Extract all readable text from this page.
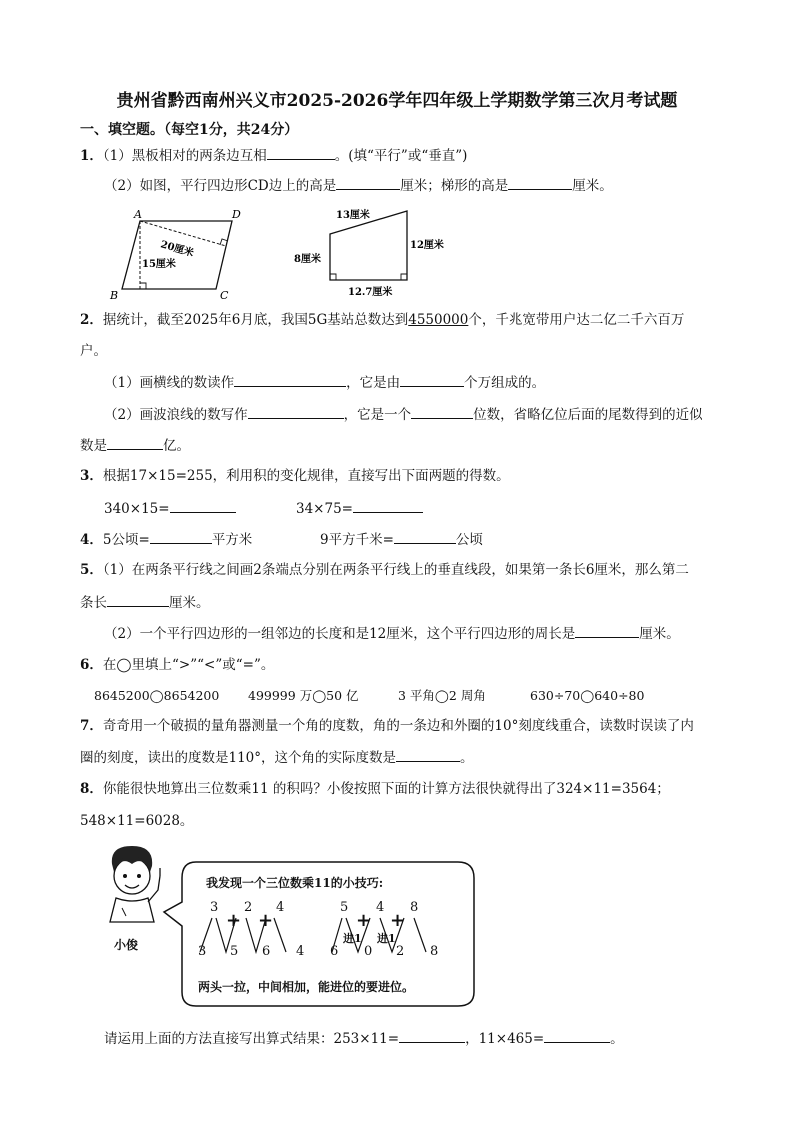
贵州省黔西南州兴义市2025-2026学年四年级上学期数学第三次月考试题
一、填空题。（每空1分，共24分）
1．（1）黑板相对的两条边互相	。(填“平行”或“垂直”)
（2）如图，平行四边形CD边上的高是	厘米；梯形的高是	厘米。
A	D
B	C
20厘米
15厘米
13厘米
12厘米
8厘米
12.7厘米
2．据统计，截至2025年6月底，我国5G基站总数达到4550000个，千兆宽带用户达二亿二千六百万
户。
（1）画横线的数读作	，它是由	个万组成的。
（2）画波浪线的数写作	，它是一个	位数，省略亿位后面的尾数得到的近似
数是	亿。
3．根据17×15=255，利用积的变化规律，直接写出下面两题的得数。
340×15=	34×75=
4．5公顷=	平方米	9平方千米=	公顷
5．（1）在两条平行线之间画2条端点分别在两条平行线上的垂直线段，如果第一条长6厘米，那么第二
条长	厘米。
（2）一个平行四边形的一组邻边的长度和是12厘米，这个平行四边形的周长是	厘米。
6．在◯里填上“>”“<”或“=”。
8645200◯8654200 499999 万◯50 亿	3 平角◯2 周角	630÷70◯640÷80
7．奇奇用一个破损的量角器测量一个角的度数，角的一条边和外圈的10°刻度线重合，读数时误读了内
圈的刻度，读出的度数是110°，这个角的实际度数是	。
8．你能很快地算出三位数乘11 的积吗？小俊按照下面的计算方法很快就得出了324×11=3564；
548×11=6028。
小俊
我发现一个三位数乘11的小技巧:
3 2 4
+ +
3 5 6 4
5 4 8
+ +
进1 进1
6 0 2 8
两头一拉，中间相加，能进位的要进位。
请运用上面的方法直接写出算式结果：253×11=	，11×465=	。
